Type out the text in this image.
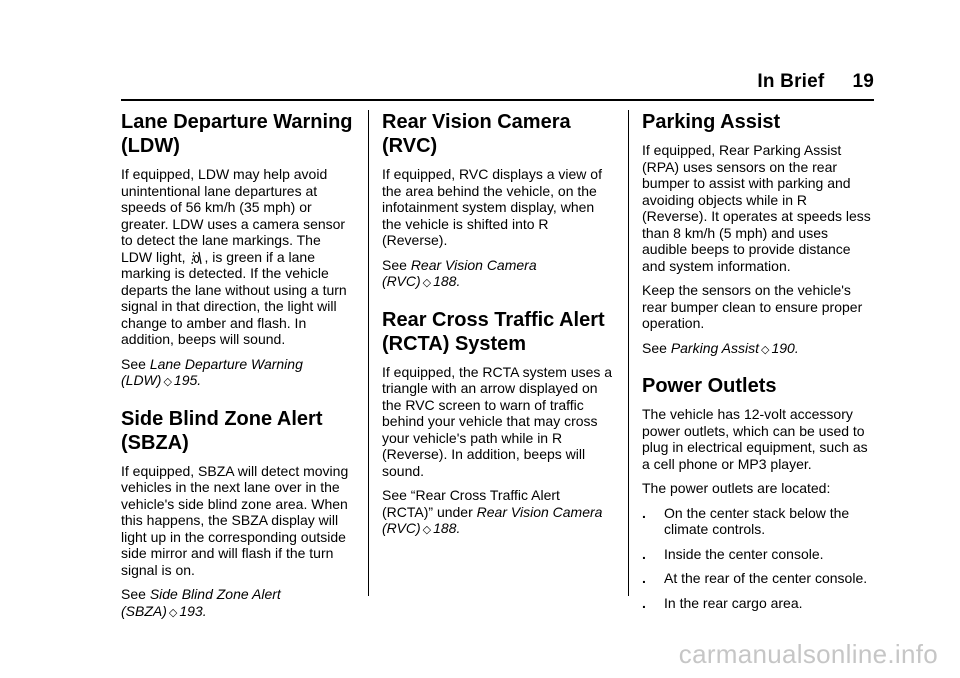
In Brief 19
Lane Departure Warning (LDW)

If equipped, LDW may help avoid unintentional lane departures at speeds of 56 km/h (35 mph) or greater. LDW uses a camera sensor to detect the lane markings. The LDW light, , is green if a lane marking is detected. If the vehicle departs the lane without using a turn signal in that direction, the light will change to amber and flash. In addition, beeps will sound.

See Lane Departure Warning (LDW) ◇ 195.

Side Blind Zone Alert (SBZA)

If equipped, SBZA will detect moving vehicles in the next lane over in the vehicle's side blind zone area. When this happens, the SBZA display will light up in the corresponding outside side mirror and will flash if the turn signal is on.

See Side Blind Zone Alert (SBZA) ◇ 193.

Rear Vision Camera (RVC)

If equipped, RVC displays a view of the area behind the vehicle, on the infotainment system display, when the vehicle is shifted into R (Reverse).

See Rear Vision Camera (RVC) ◇ 188.

Rear Cross Traffic Alert (RCTA) System

If equipped, the RCTA system uses a triangle with an arrow displayed on the RVC screen to warn of traffic behind your vehicle that may cross your vehicle's path while in R (Reverse). In addition, beeps will sound.

See “Rear Cross Traffic Alert (RCTA)” under Rear Vision Camera (RVC) ◇ 188.

Parking Assist

If equipped, Rear Parking Assist (RPA) uses sensors on the rear bumper to assist with parking and avoiding objects while in R (Reverse). It operates at speeds less than 8 km/h (5 mph) and uses audible beeps to provide distance and system information.

Keep the sensors on the vehicle's rear bumper clean to ensure proper operation.

See Parking Assist ◇ 190.

Power Outlets

The vehicle has 12-volt accessory power outlets, which can be used to plug in electrical equipment, such as a cell phone or MP3 player.

The power outlets are located:

. On the center stack below the climate controls.
. Inside the center console.
. At the rear of the center console.
. In the rear cargo area.
carmanualsonline.info
